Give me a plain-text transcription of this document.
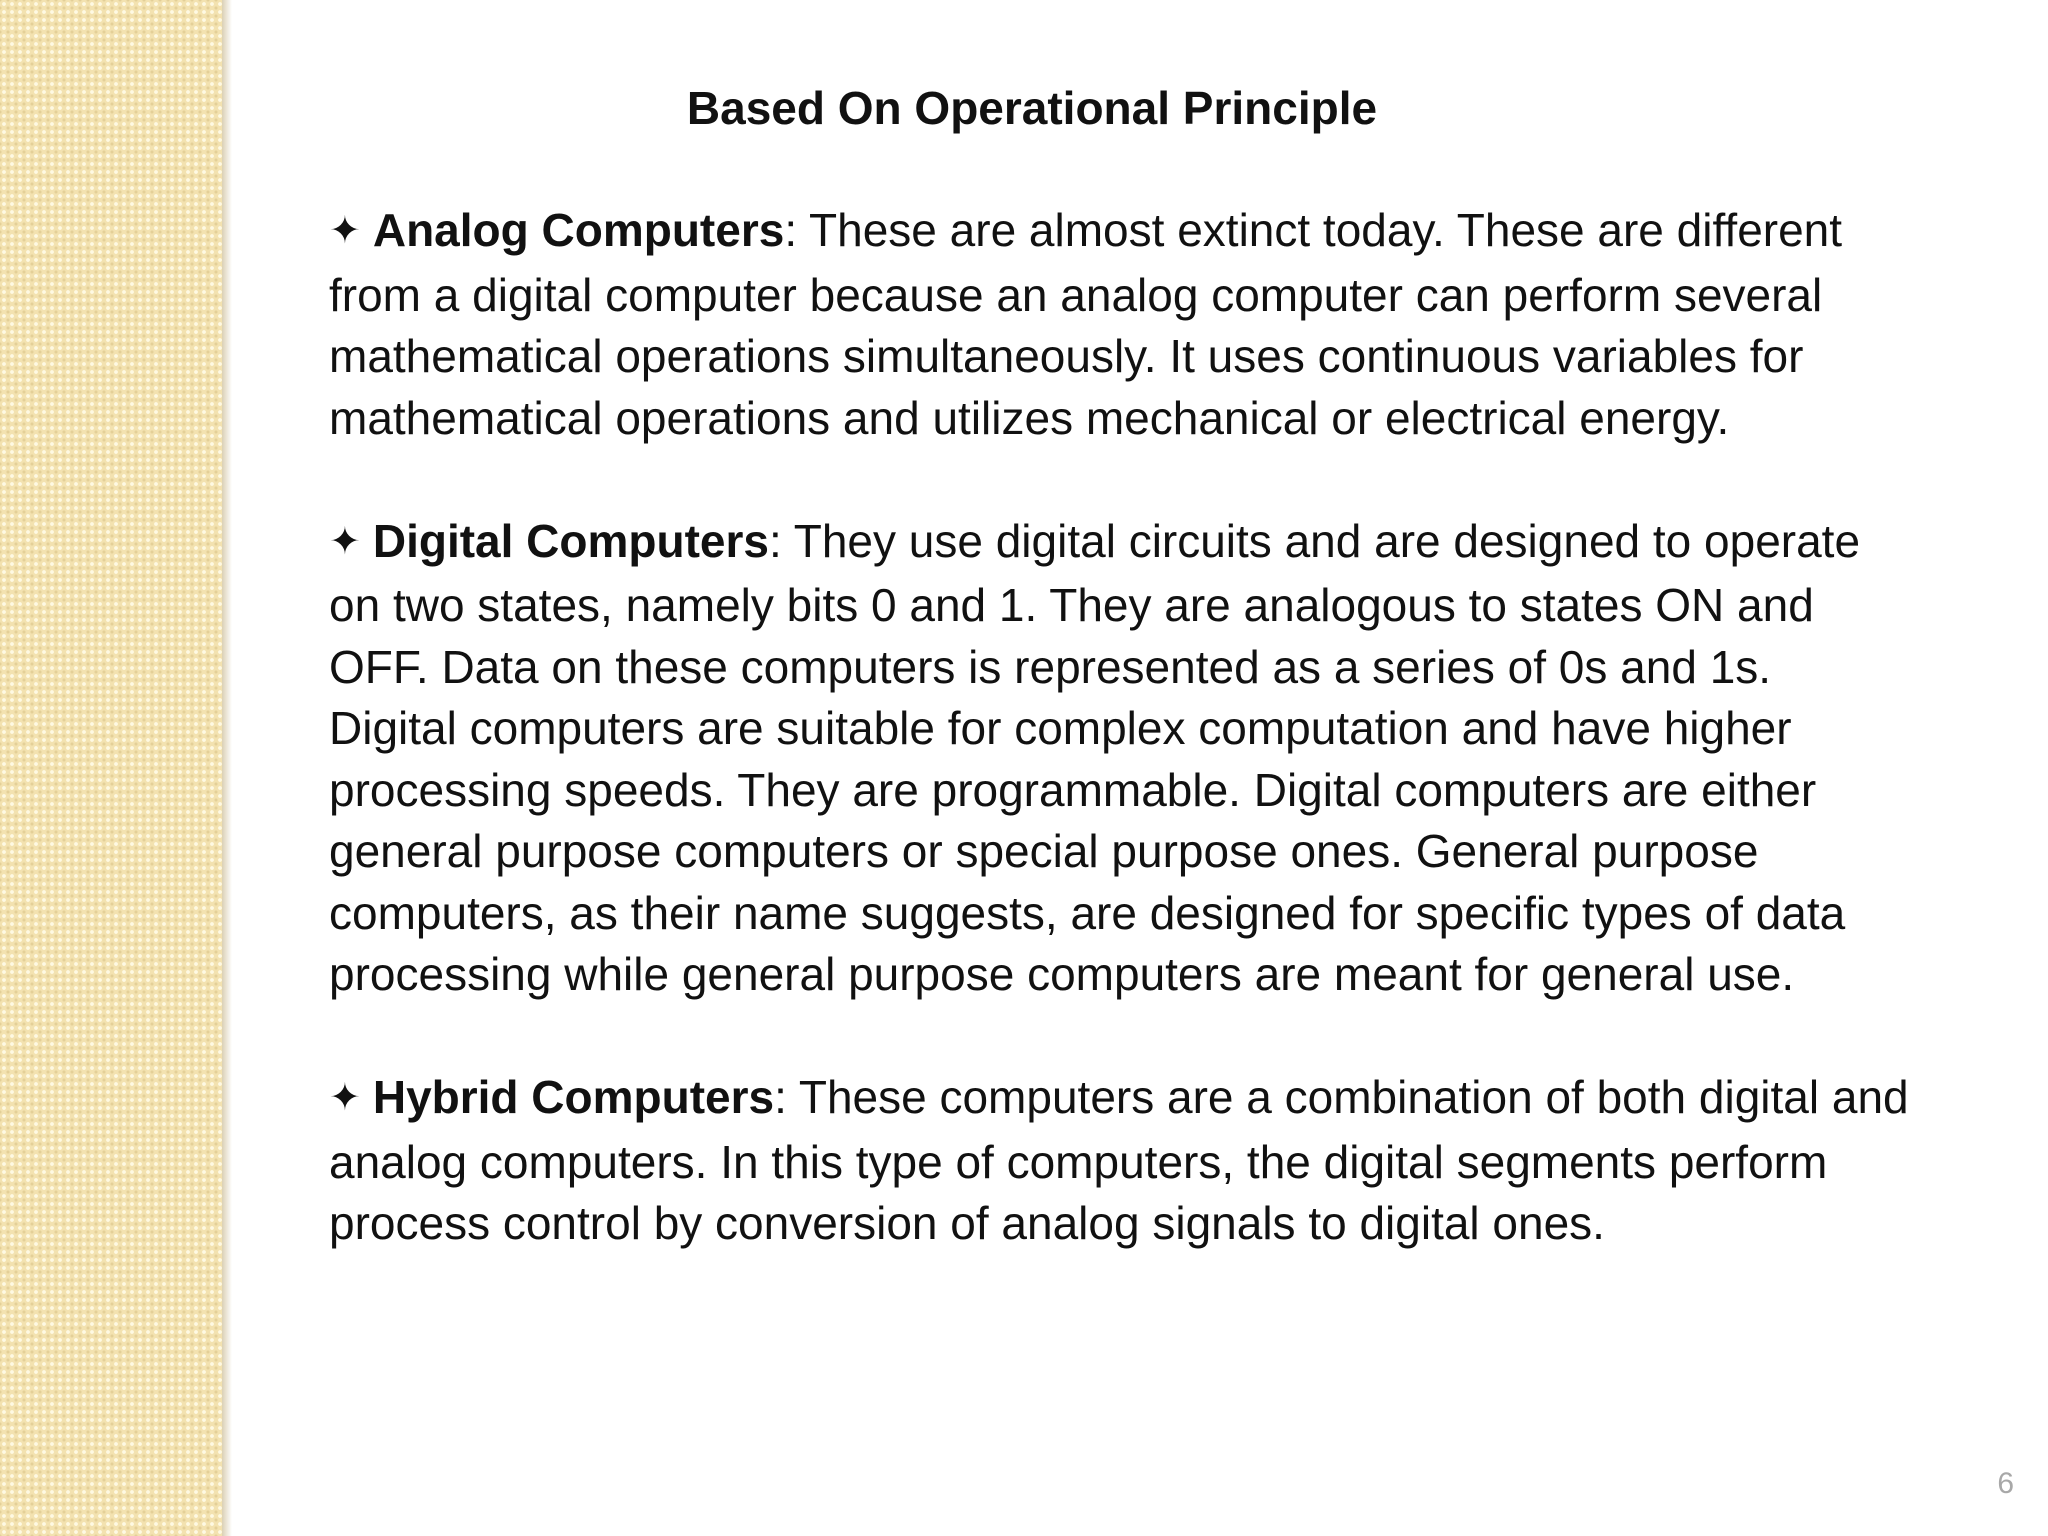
Based On Operational Principle

✦ Analog Computers: These are almost extinct today. These are different from a digital computer because an analog computer can perform several mathematical operations simultaneously. It uses continuous variables for mathematical operations and utilizes mechanical or electrical energy.

✦ Digital Computers: They use digital circuits and are designed to operate on two states, namely bits 0 and 1. They are analogous to states ON and OFF. Data on these computers is represented as a series of 0s and 1s. Digital computers are suitable for complex computation and have higher processing speeds. They are programmable. Digital computers are either general purpose computers or special purpose ones. General purpose computers, as their name suggests, are designed for specific types of data processing while general purpose computers are meant for general use.

✦ Hybrid Computers: These computers are a combination of both digital and analog computers. In this type of computers, the digital segments perform process control by conversion of analog signals to digital ones.

6
